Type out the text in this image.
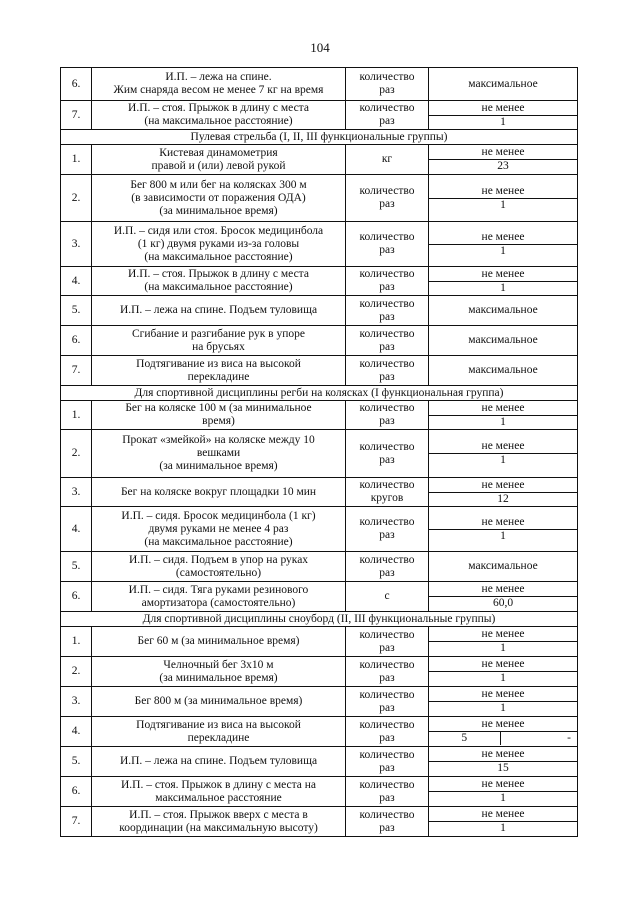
104
6.	И.П. – лежа на спине.
Жим снаряда весом не менее 7 кг на время	количество
раз	максимальное
7.	И.П. – стоя. Прыжок в длину с места
(на максимальное расстояние)	количество
раз	не менее
1

Пулевая стрельба (I, II, III функциональные группы)			
1.	Кистевая динамометрия
правой и (или) левой рукой	кг	не менее
23

2.	Бег 800 м или бег на колясках 300 м
(в зависимости от поражения ОДА)
(за минимальное время)	количество
раз	не менее
1

3.	И.П. – сидя или стоя. Бросок медицинбола
(1 кг) двумя руками из-за головы
(на максимальное расстояние)	количество
раз	не менее
1

4.	И.П. – стоя. Прыжок в длину с места
(на максимальное расстояние)	количество
раз	не менее
1

5.	И.П. – лежа на спине. Подъем туловища	количество
раз	максимальное
6.	Сгибание и разгибание рук в упоре
на брусьях	количество
раз	максимальное
7.	Подтягивание из виса на высокой
перекладине	количество
раз	максимальное
Для спортивной дисциплины регби на колясках (I функциональная группа)			
1.	Бег на коляске 100 м (за минимальное
время)	количество
раз	не менее
1

2.	Прокат «змейкой» на коляске между 10
вешками
(за минимальное время)	количество
раз	не менее
1

3.	Бег на коляске вокруг площадки 10 мин	количество
кругов	не менее
12

4.	И.П. – сидя. Бросок медицинбола (1 кг)
двумя руками не менее 4 раз
(на максимальное расстояние)	количество
раз	не менее
1

5.	И.П. – сидя. Подъем в упор на руках
(самостоятельно)	количество
раз	максимальное
6.	И.П. – сидя. Тяга руками резинового
амортизатора (самостоятельно)	с	не менее
60,0

Для спортивной дисциплины сноуборд (II, III функциональные группы)			
1.	Бег 60 м (за минимальное время)	количество
раз	не менее
1

2.	Челночный бег 3х10 м
(за минимальное время)	количество
раз	не менее
1

3.	Бег 800 м (за минимальное время)	количество
раз	не менее
1

4.	Подтягивание из виса на высокой
перекладине	количество
раз	не менее
5 -

5.	И.П. – лежа на спине. Подъем туловища	количество
раз	не менее
15

6.	И.П. – стоя. Прыжок в длину с места на
максимальное расстояние	количество
раз	не менее
1

7.	И.П. – стоя. Прыжок вверх с места в
координации (на максимальную высоту)	количество
раз	не менее
1
